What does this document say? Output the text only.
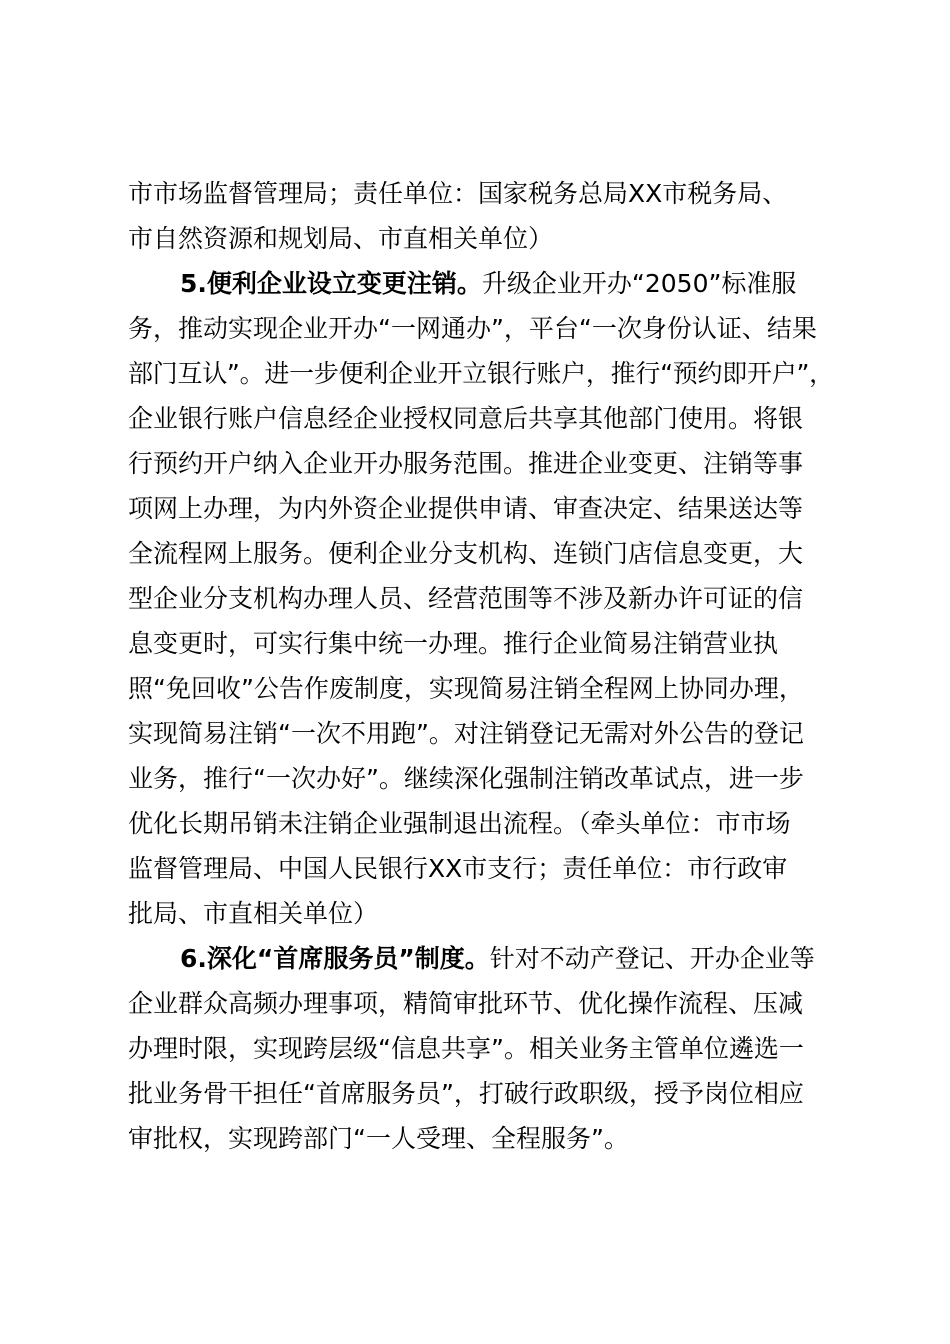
市市场监督管理局；责任单位：国家税务总局XX市税务局、
市自然资源和规划局、市直相关单位）
5.便利企业设立变更注销。升级企业开办“2050”标准服
务，推动实现企业开办“一网通办”，平台“一次身份认证、结果
部门互认”。进一步便利企业开立银行账户，推行“预约即开户”，
企业银行账户信息经企业授权同意后共享其他部门使用。将银
行预约开户纳入企业开办服务范围。推进企业变更、注销等事
项网上办理，为内外资企业提供申请、审查决定、结果送达等
全流程网上服务。便利企业分支机构、连锁门店信息变更，大
型企业分支机构办理人员、经营范围等不涉及新办许可证的信
息变更时，可实行集中统一办理。推行企业简易注销营业执
照“免回收”公告作废制度，实现简易注销全程网上协同办理，
实现简易注销“一次不用跑”。对注销登记无需对外公告的登记
业务，推行“一次办好”。继续深化强制注销改革试点，进一步
优化长期吊销未注销企业强制退出流程。（牵头单位：市市场
监督管理局、中国人民银行XX市支行；责任单位：市行政审
批局、市直相关单位）
6.深化“首席服务员”制度。针对不动产登记、开办企业等
企业群众高频办理事项，精简审批环节、优化操作流程、压减
办理时限，实现跨层级“信息共享”。相关业务主管单位遴选一
批业务骨干担任“首席服务员”，打破行政职级，授予岗位相应
审批权，实现跨部门“一人受理、全程服务”。
